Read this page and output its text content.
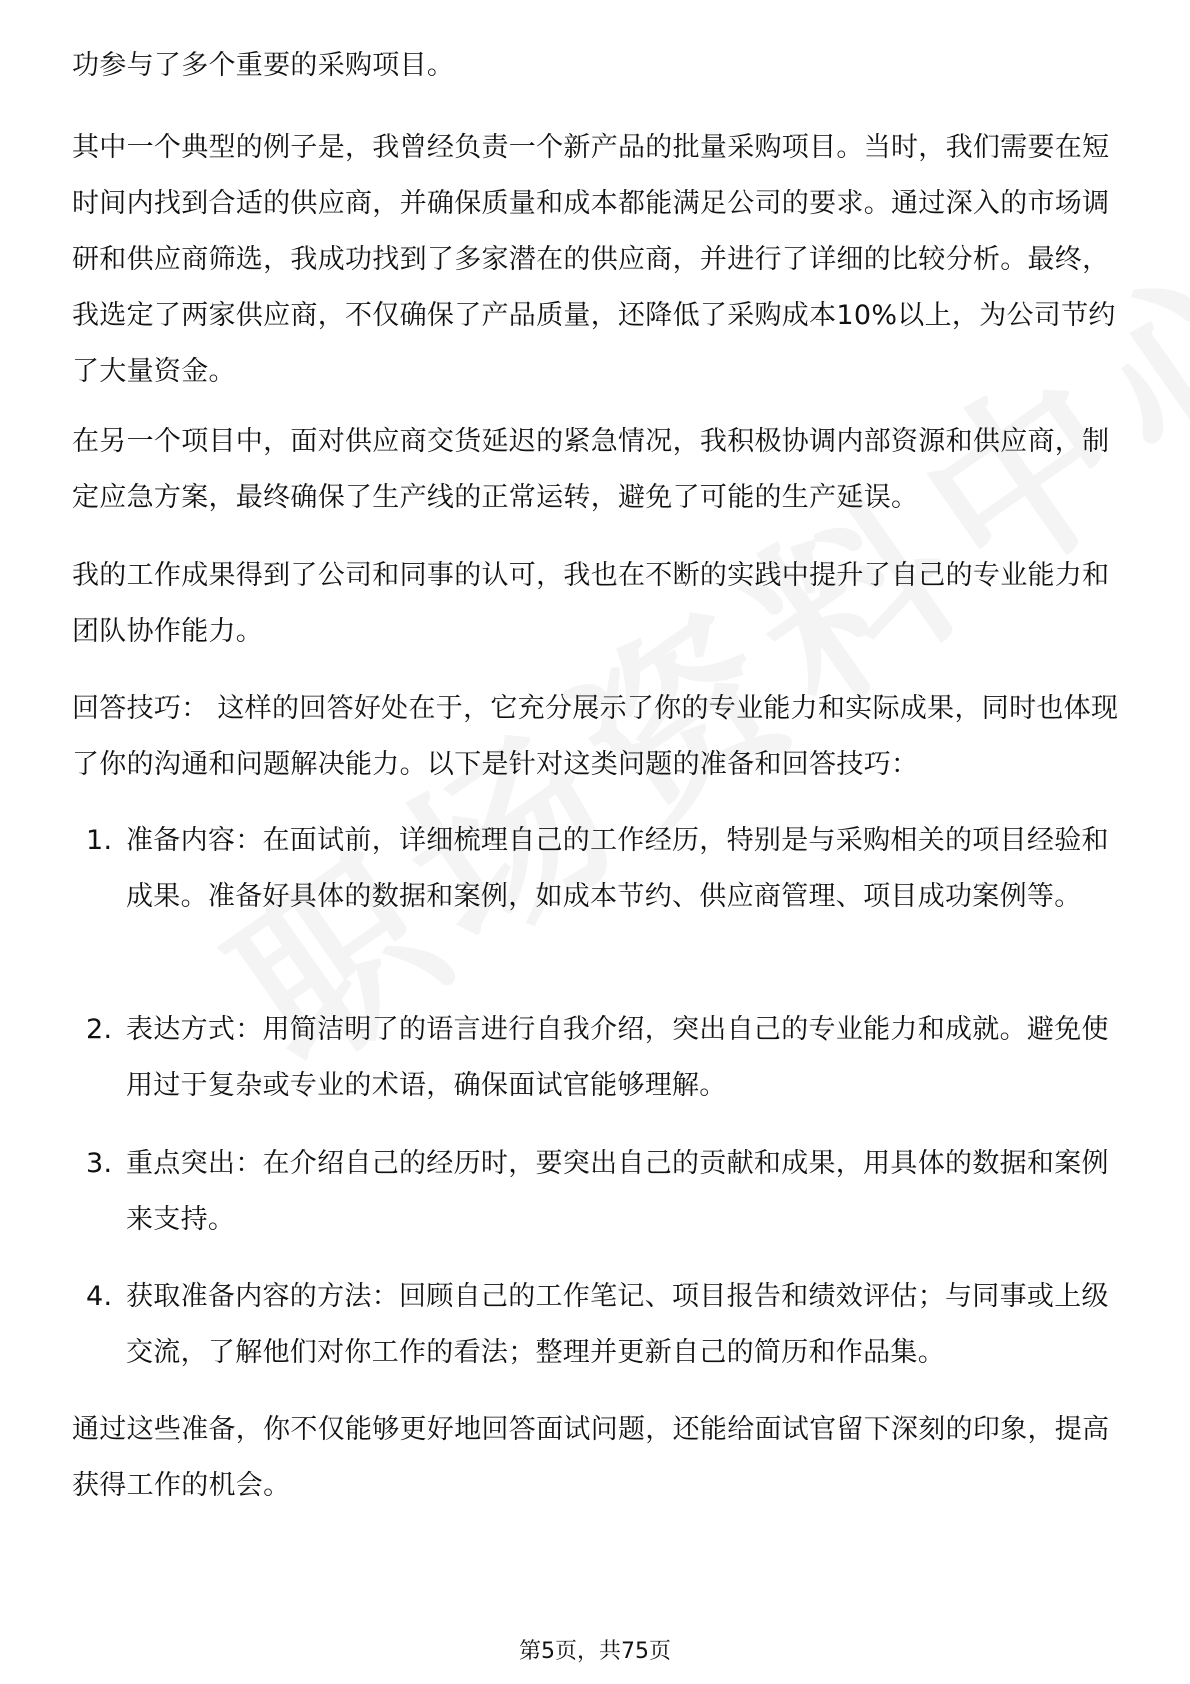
功参与了多个重要的采购项目。

其中一个典型的例子是，我曾经负责一个新产品的批量采购项目。当时，我们需要在短时间内找到合适的供应商，并确保质量和成本都能满足公司的要求。通过深入的市场调研和供应商筛选，我成功找到了多家潜在的供应商，并进行了详细的比较分析。最终，我选定了两家供应商，不仅确保了产品质量，还降低了采购成本10%以上，为公司节约了大量资金。

在另一个项目中，面对供应商交货延迟的紧急情况，我积极协调内部资源和供应商，制定应急方案，最终确保了生产线的正常运转，避免了可能的生产延误。

我的工作成果得到了公司和同事的认可，我也在不断的实践中提升了自己的专业能力和团队协作能力。

回答技巧： 这样的回答好处在于，它充分展示了你的专业能力和实际成果，同时也体现了你的沟通和问题解决能力。以下是针对这类问题的准备和回答技巧：

1. 准备内容：在面试前，详细梳理自己的工作经历，特别是与采购相关的项目经验和成果。准备好具体的数据和案例，如成本节约、供应商管理、项目成功案例等。
2. 表达方式：用简洁明了的语言进行自我介绍，突出自己的专业能力和成就。避免使用过于复杂或专业的术语，确保面试官能够理解。
3. 重点突出：在介绍自己的经历时，要突出自己的贡献和成果，用具体的数据和案例来支持。
4. 获取准备内容的方法：回顾自己的工作笔记、项目报告和绩效评估；与同事或上级交流，了解他们对你工作的看法；整理并更新自己的简历和作品集。

通过这些准备，你不仅能够更好地回答面试问题，还能给面试官留下深刻的印象，提高获得工作的机会。

第5页，共75页
